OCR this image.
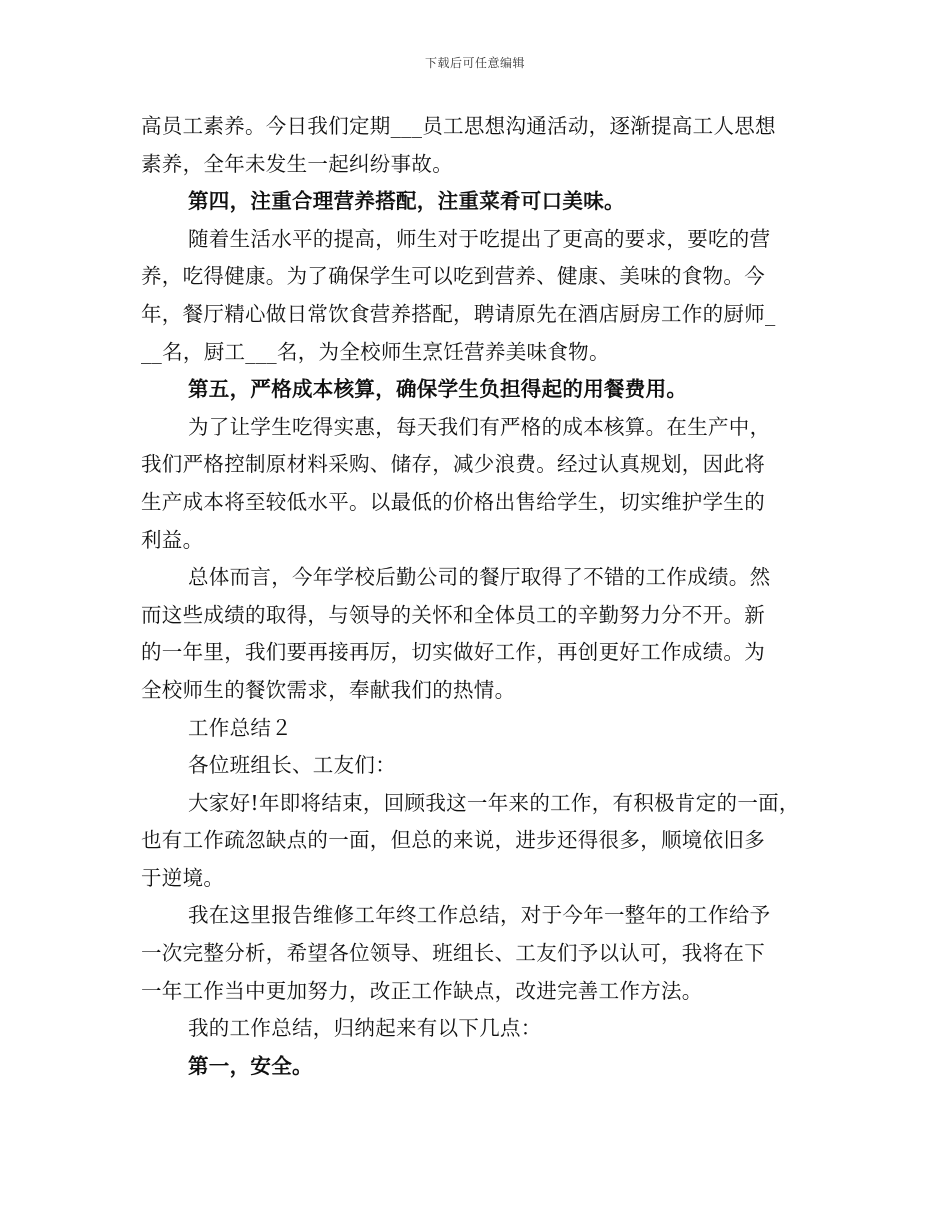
下载后可任意编辑
高员工素养。今日我们定期___员工思想沟通活动，逐渐提高工人思想
素养，全年未发生一起纠纷事故。
第四，注重合理营养搭配，注重菜肴可口美味。
随着生活水平的提高，师生对于吃提出了更高的要求，要吃的营
养，吃得健康。为了确保学生可以吃到营养、健康、美味的食物。今
年，餐厅精心做日常饮食营养搭配，聘请原先在酒店厨房工作的厨师_
__名，厨工___名，为全校师生烹饪营养美味食物。
第五，严格成本核算，确保学生负担得起的用餐费用。
为了让学生吃得实惠，每天我们有严格的成本核算。在生产中，
我们严格控制原材料采购、储存，减少浪费。经过认真规划，因此将
生产成本将至较低水平。以最低的价格出售给学生，切实维护学生的
利益。
总体而言，今年学校后勤公司的餐厅取得了不错的工作成绩。然
而这些成绩的取得，与领导的关怀和全体员工的辛勤努力分不开。新
的一年里，我们要再接再厉，切实做好工作，再创更好工作成绩。为
全校师生的餐饮需求，奉献我们的热情。
工作总结２
各位班组长、工友们：
大家好!年即将结束，回顾我这一年来的工作，有积极肯定的一面，
也有工作疏忽缺点的一面，但总的来说，进步还得很多，顺境依旧多
于逆境。
我在这里报告维修工年终工作总结，对于今年一整年的工作给予
一次完整分析，希望各位领导、班组长、工友们予以认可，我将在下
一年工作当中更加努力，改正工作缺点，改进完善工作方法。
我的工作总结，归纳起来有以下几点：
第一，安全。
